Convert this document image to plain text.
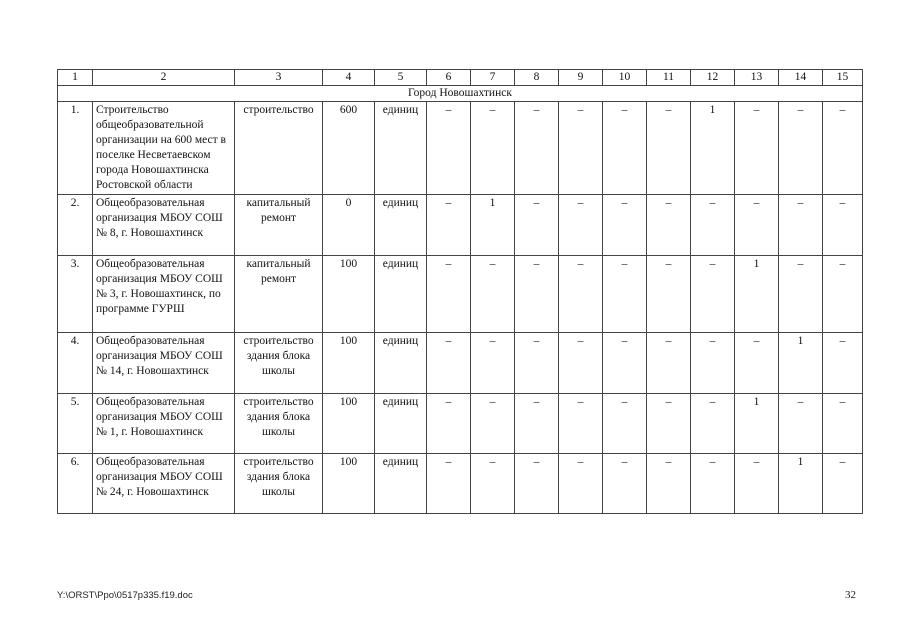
1	2	3	4	5	6	7	8	9	10	11	12	13	14	15
Город Новошахтинск														
1.	Строительство общеобразовательной организации на 600 мест в поселке Несветаевском города Новошахтинска Ростовской области	строительство	600	единиц	–	–	–	–	–	–	1	–	–	–
2.	Общеобразовательная организация МБОУ СОШ № 8, г. Новошахтинск	капитальный ремонт	0	единиц	–	1	–	–	–	–	–	–	–	–
3.	Общеобразовательная организация МБОУ СОШ № 3, г. Новошахтинск, по программе ГУРШ	капитальный ремонт	100	единиц	–	–	–	–	–	–	–	1	–	–
4.	Общеобразовательная организация МБОУ СОШ № 14, г. Новошахтинск	строительство здания блока школы	100	единиц	–	–	–	–	–	–	–	–	1	–
5.	Общеобразовательная организация МБОУ СОШ № 1, г. Новошахтинск	строительство здания блока школы	100	единиц	–	–	–	–	–	–	–	1	–	–
6.	Общеобразовательная организация МБОУ СОШ № 24, г. Новошахтинск	строительство здания блока школы	100	единиц	–	–	–	–	–	–	–	–	1	–
Y:\ORST\Ppo\0517p335.f19.doc	32
